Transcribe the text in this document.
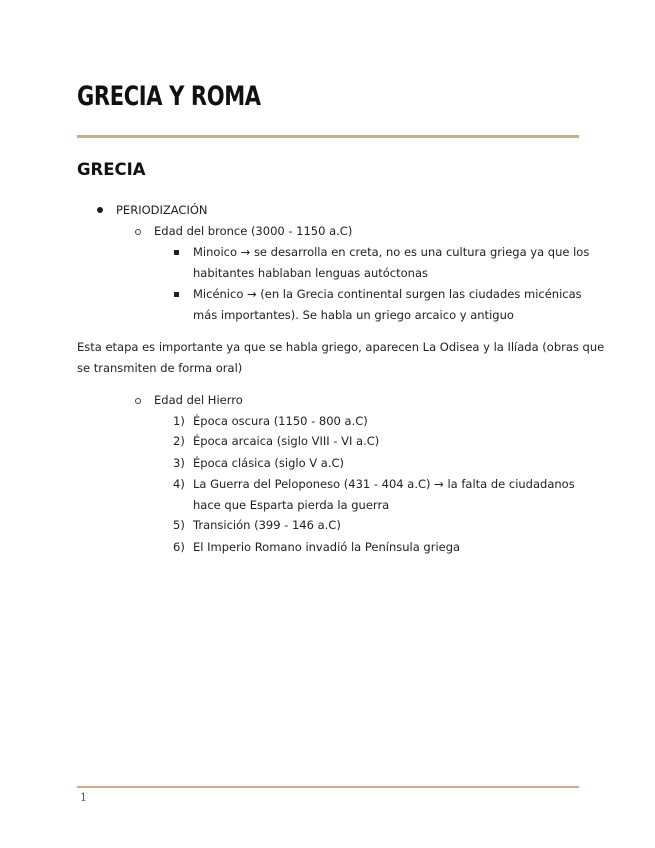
GRECIA Y ROMA
GRECIA
PERIODIZACIÓN
Edad del bronce (3000 - 1150 a.C)
Minoico → se desarrolla en creta, no es una cultura griega ya que los
habitantes hablaban lenguas autóctonas
Micénico → (en la Grecia continental surgen las ciudades micénicas
más importantes). Se habla un griego arcaico y antiguo
Esta etapa es importante ya que se habla griego, aparecen La Odisea y la Ilíada (obras que
se transmiten de forma oral)
Edad del Hierro
1) Época oscura (1150 - 800 a.C)
2) Época arcaica (siglo VIII - VI a.C)
3) Época clásica (siglo V a.C)
4) La Guerra del Peloponeso (431 - 404 a.C) → la falta de ciudadanos
hace que Esparta pierda la guerra
5) Transición (399 - 146 a.C)
6) El Imperio Romano invadió la Península griega
1
